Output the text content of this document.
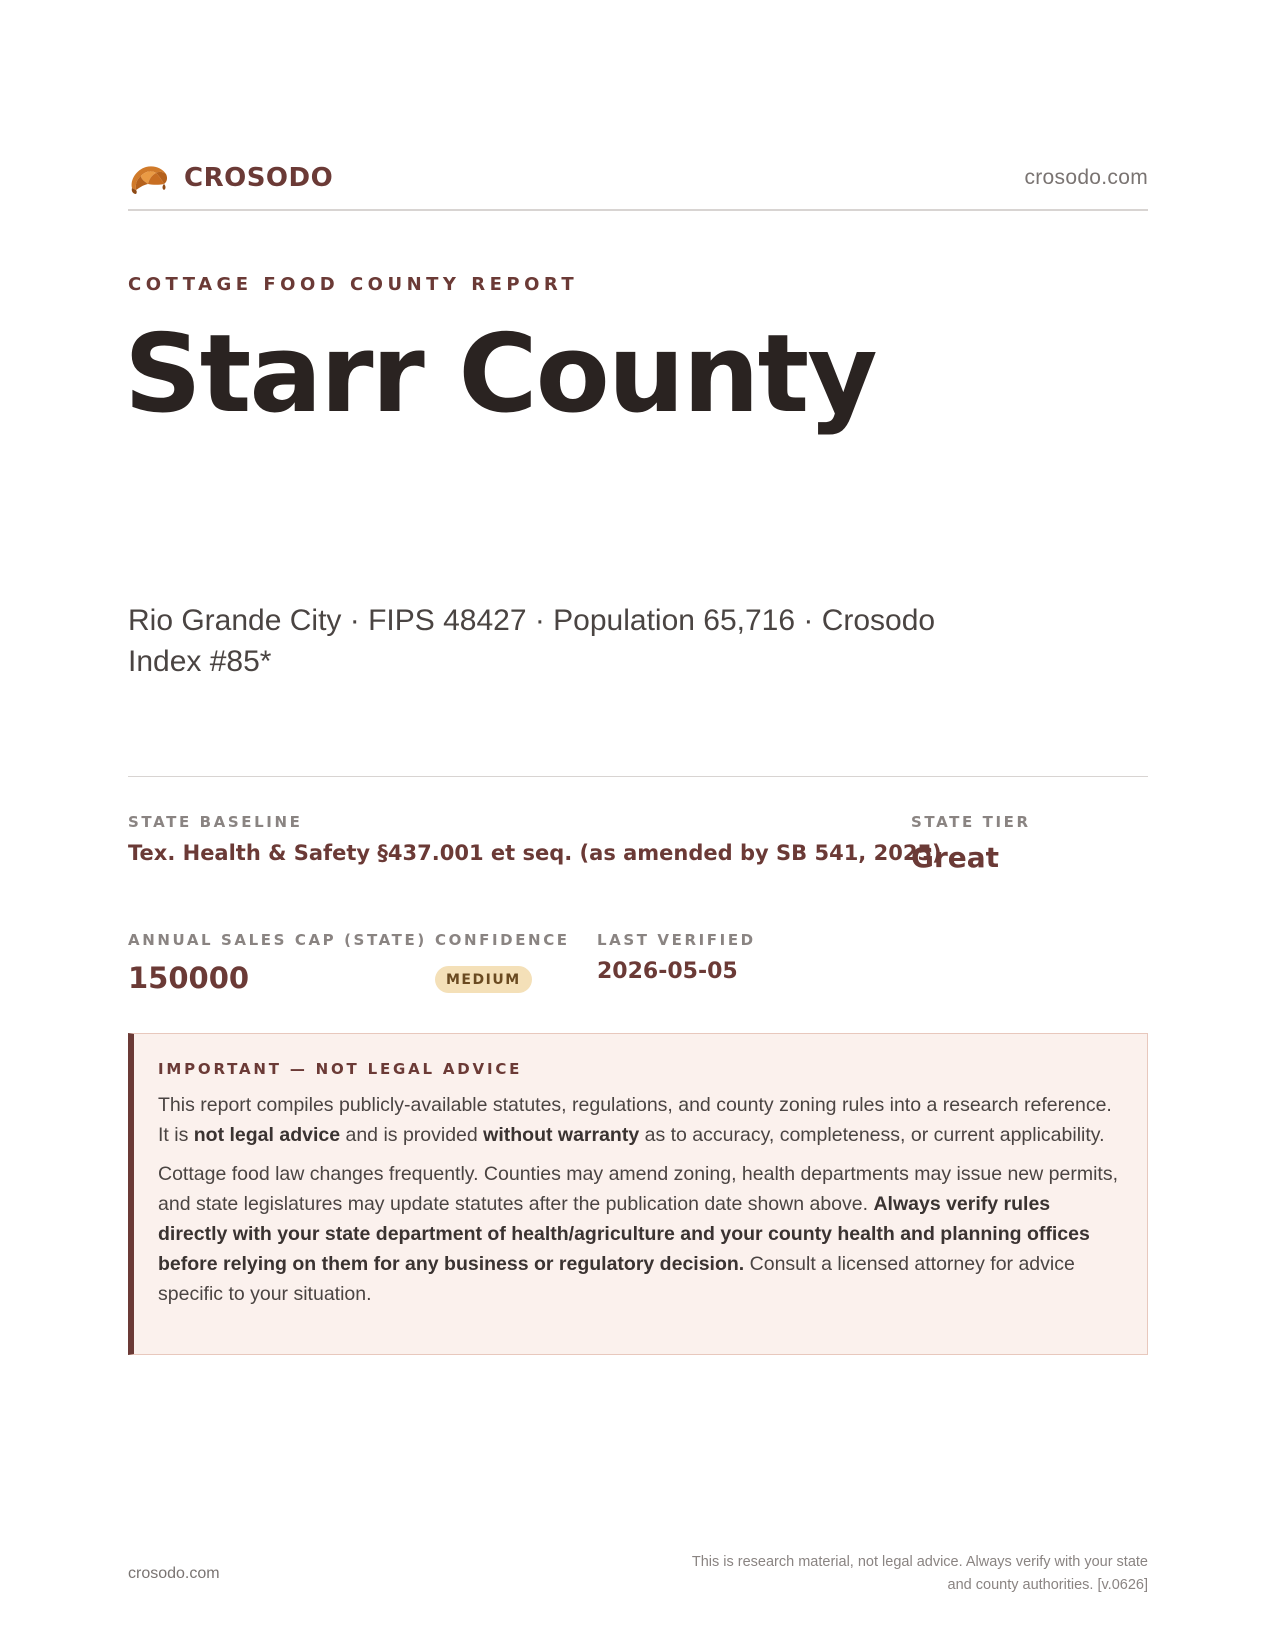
CROSODO	crosodo.com
COTTAGE FOOD COUNTY REPORT
Starr County
Rio Grande City · FIPS 48427 · Population 65,716 · Crosodo Index #85*
STATE BASELINE
Tex. Health & Safety §437.001 et seq. (as amended by SB 541, 2025)
STATE TIER
Great
ANNUAL SALES CAP (STATE)
150000
CONFIDENCE
MEDIUM
LAST VERIFIED
2026-05-05
IMPORTANT — NOT LEGAL ADVICE

This report compiles publicly-available statutes, regulations, and county zoning rules into a research reference. It is not legal advice and is provided without warranty as to accuracy, completeness, or current applicability.

Cottage food law changes frequently. Counties may amend zoning, health departments may issue new permits, and state legislatures may update statutes after the publication date shown above. Always verify rules directly with your state department of health/agriculture and your county health and planning offices before relying on them for any business or regulatory decision. Consult a licensed attorney for advice specific to your situation.

crosodo.com
This is research material, not legal advice. Always verify with your state
and county authorities. [v.0626]
